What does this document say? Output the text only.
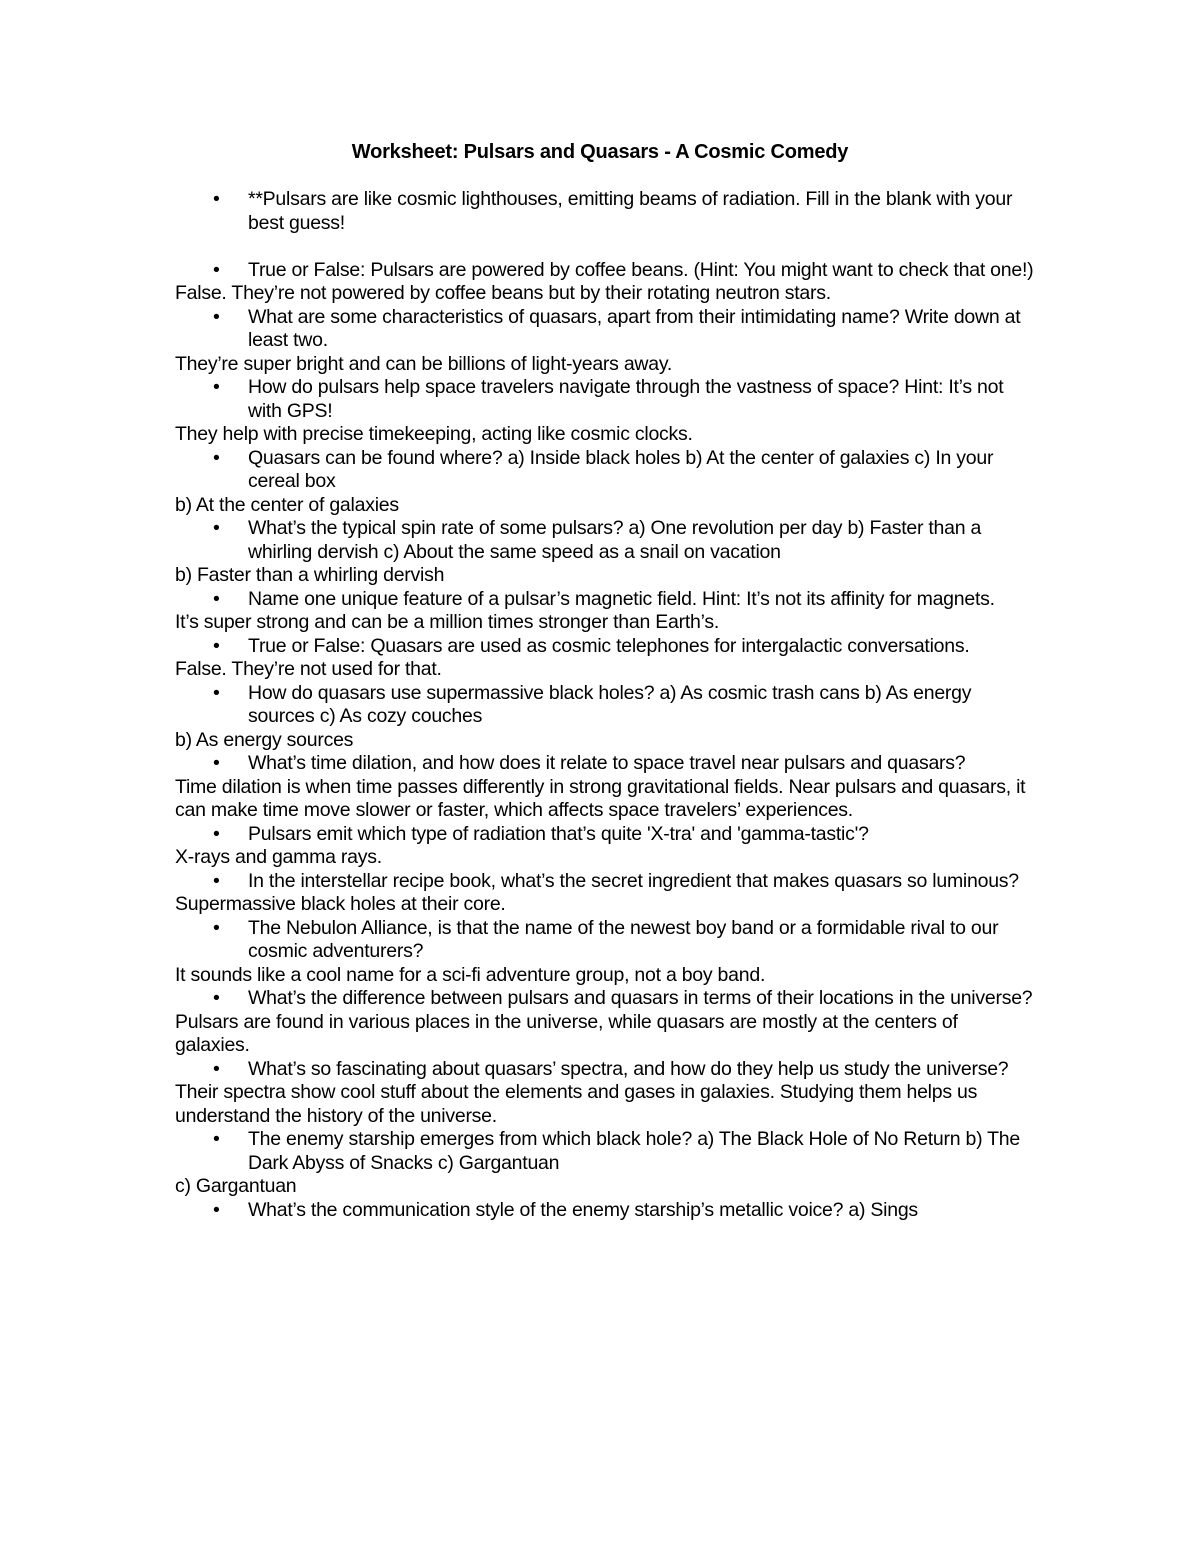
Worksheet: Pulsars and Quasars - A Cosmic Comedy
• **Pulsars are like cosmic lighthouses, emitting beams of radiation. Fill in the blank with your best guess!
• True or False: Pulsars are powered by coffee beans. (Hint: You might want to check that one!)
False. They’re not powered by coffee beans but by their rotating neutron stars.
• What are some characteristics of quasars, apart from their intimidating name? Write down at least two.
They’re super bright and can be billions of light-years away.
• How do pulsars help space travelers navigate through the vastness of space? Hint: It’s not with GPS!
They help with precise timekeeping, acting like cosmic clocks.
• Quasars can be found where? a) Inside black holes b) At the center of galaxies c) In your cereal box
b) At the center of galaxies
• What’s the typical spin rate of some pulsars? a) One revolution per day b) Faster than a whirling dervish c) About the same speed as a snail on vacation
b) Faster than a whirling dervish
• Name one unique feature of a pulsar’s magnetic field. Hint: It’s not its affinity for magnets.
It’s super strong and can be a million times stronger than Earth’s.
• True or False: Quasars are used as cosmic telephones for intergalactic conversations.
False. They’re not used for that.
• How do quasars use supermassive black holes? a) As cosmic trash cans b) As energy sources c) As cozy couches
b) As energy sources
• What’s time dilation, and how does it relate to space travel near pulsars and quasars?
Time dilation is when time passes differently in strong gravitational fields. Near pulsars and quasars, it can make time move slower or faster, which affects space travelers’ experiences.
• Pulsars emit which type of radiation that’s quite 'X-tra' and 'gamma-tastic'?
X-rays and gamma rays.
• In the interstellar recipe book, what’s the secret ingredient that makes quasars so luminous?
Supermassive black holes at their core.
• The Nebulon Alliance, is that the name of the newest boy band or a formidable rival to our cosmic adventurers?
It sounds like a cool name for a sci-fi adventure group, not a boy band.
• What’s the difference between pulsars and quasars in terms of their locations in the universe?
Pulsars are found in various places in the universe, while quasars are mostly at the centers of galaxies.
• What’s so fascinating about quasars’ spectra, and how do they help us study the universe?
Their spectra show cool stuff about the elements and gases in galaxies. Studying them helps us understand the history of the universe.
• The enemy starship emerges from which black hole? a) The Black Hole of No Return b) The Dark Abyss of Snacks c) Gargantuan
c) Gargantuan
• What’s the communication style of the enemy starship’s metallic voice? a) Sings
